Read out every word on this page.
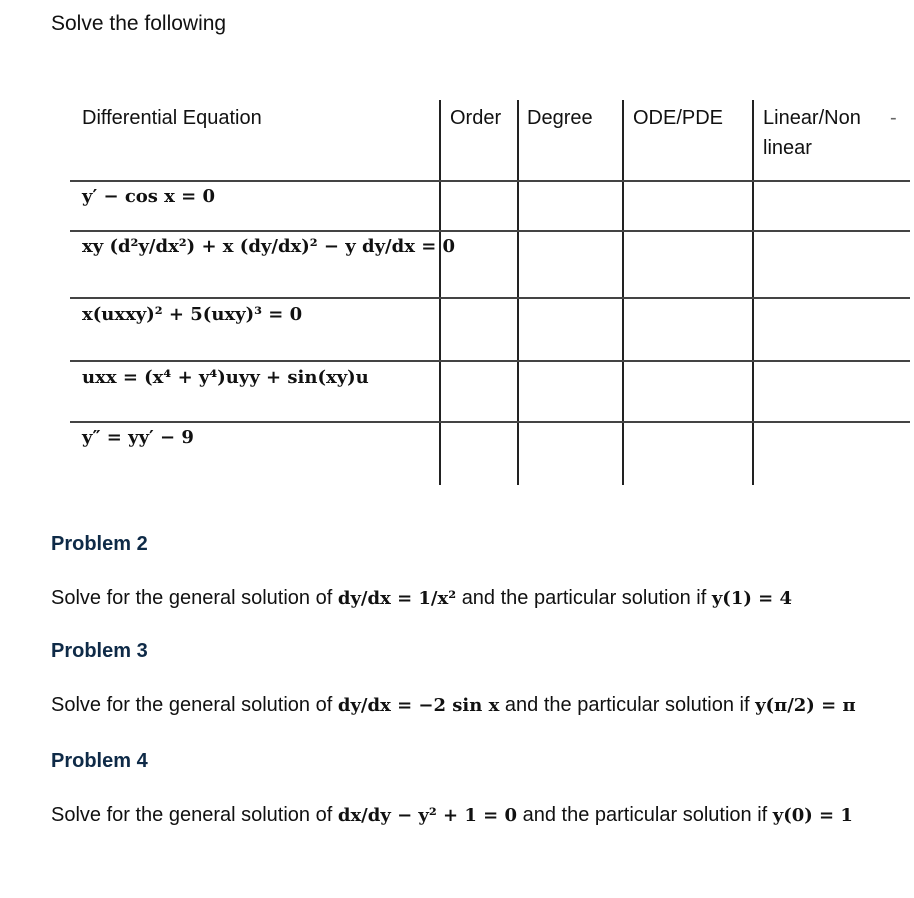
Solve the following
Differential Equation	Order Degree ODE/PDE Linear/Non
linear
-
y′ − cos x = 0
xy (d²y/dx²) + x (dy/dx)² − y dy/dx = 0
x(uxxy)² + 5(uxy)³ = 0
uxx = (x⁴ + y⁴)uyy + sin(xy)u
y″ = yy′ − 9
Problem 2
Solve for the general solution of dy/dx = 1/x² and the particular solution if y(1) = 4
Problem 3
Solve for the general solution of dy/dx = −2 sin x and the particular solution if y(π/2) = π
Problem 4
Solve for the general solution of dx/dy − y² + 1 = 0 and the particular solution if y(0) = 1
